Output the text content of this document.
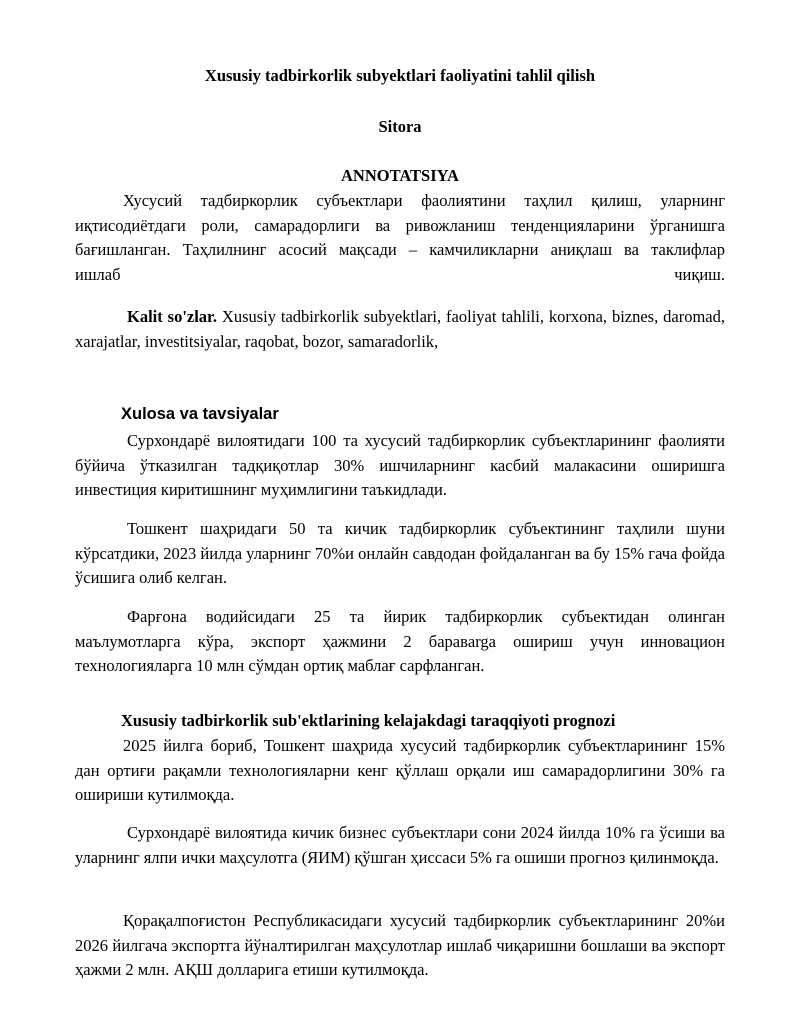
Xususiy tadbirkorlik subyektlari faoliyatini tahlil qilish
Sitora
ANNOTATSIYA
Хусусий тадбиркорлик субъектлари фаолиятини таҳлил қилиш, уларнинг иқтисодиётдаги роли, самарадорлиги ва ривожланиш тенденцияларини ўрганишга бағишланган. Таҳлилнинг асосий мақсади – камчиликларни аниқлаш ва таклифлар
ишлаб	чиқиш.
Kalit so'zlar. Xususiy tadbirkorlik subyektlari, faoliyat tahlili, korxona, biznes, daromad, xarajatlar, investitsiyalar, raqobat, bozor, samaradorlik,
Xulosa va tavsiyalar

Сурхондарё вилоятидаги 100 та хусусий тадбиркорлик субъектларининг фаолияти бўйича ўтказилган тадқиқотлар 30% ишчиларнинг касбий малакасини оширишга инвестиция киритишнинг муҳимлигини таъкидлади.

Тошкент шаҳридаги 50 та кичик тадбиркорлик субъектининг таҳлили шуни кўрсатдики, 2023 йилда уларнинг 70%и онлайн савдодан фойдаланган ва бу 15% гача фойда ўсишига олиб келган.

Фарғона водийсидаги 25 та йирик тадбиркорлик субъектидан олинган маълумотларга кўра, экспорт ҳажмини 2 баравarga ошириш учун инновацион технологияларга 10 млн сўмдан ортиқ маблағ сарфланган.

Xususiy tadbirkorlik sub'ektlarining kelajakdagi taraqqiyoti prognozi

2025 йилга бориб, Тошкент шаҳрида хусусий тадбиркорлик субъектларининг 15% дан ортиғи рақамли технологияларни кенг қўллаш орқали иш самарадорлигини 30% га ошириши кутилмоқда.

Сурхондарё вилоятида кичик бизнес субъектлари сони 2024 йилда 10% га ўсиши ва уларнинг ялпи ички маҳсулотга (ЯИМ) қўшган ҳиссаси 5% га ошиши прогноз қилинмоқда.

Қорақалпоғистон Республикасидаги хусусий тадбиркорлик субъектларининг 20%и 2026 йилгача экспортга йўналтирилган маҳсулотлар ишлаб чиқаришни бошлаши ва экспорт ҳажми 2 млн. АҚШ долларига етиши кутилмоқда.
